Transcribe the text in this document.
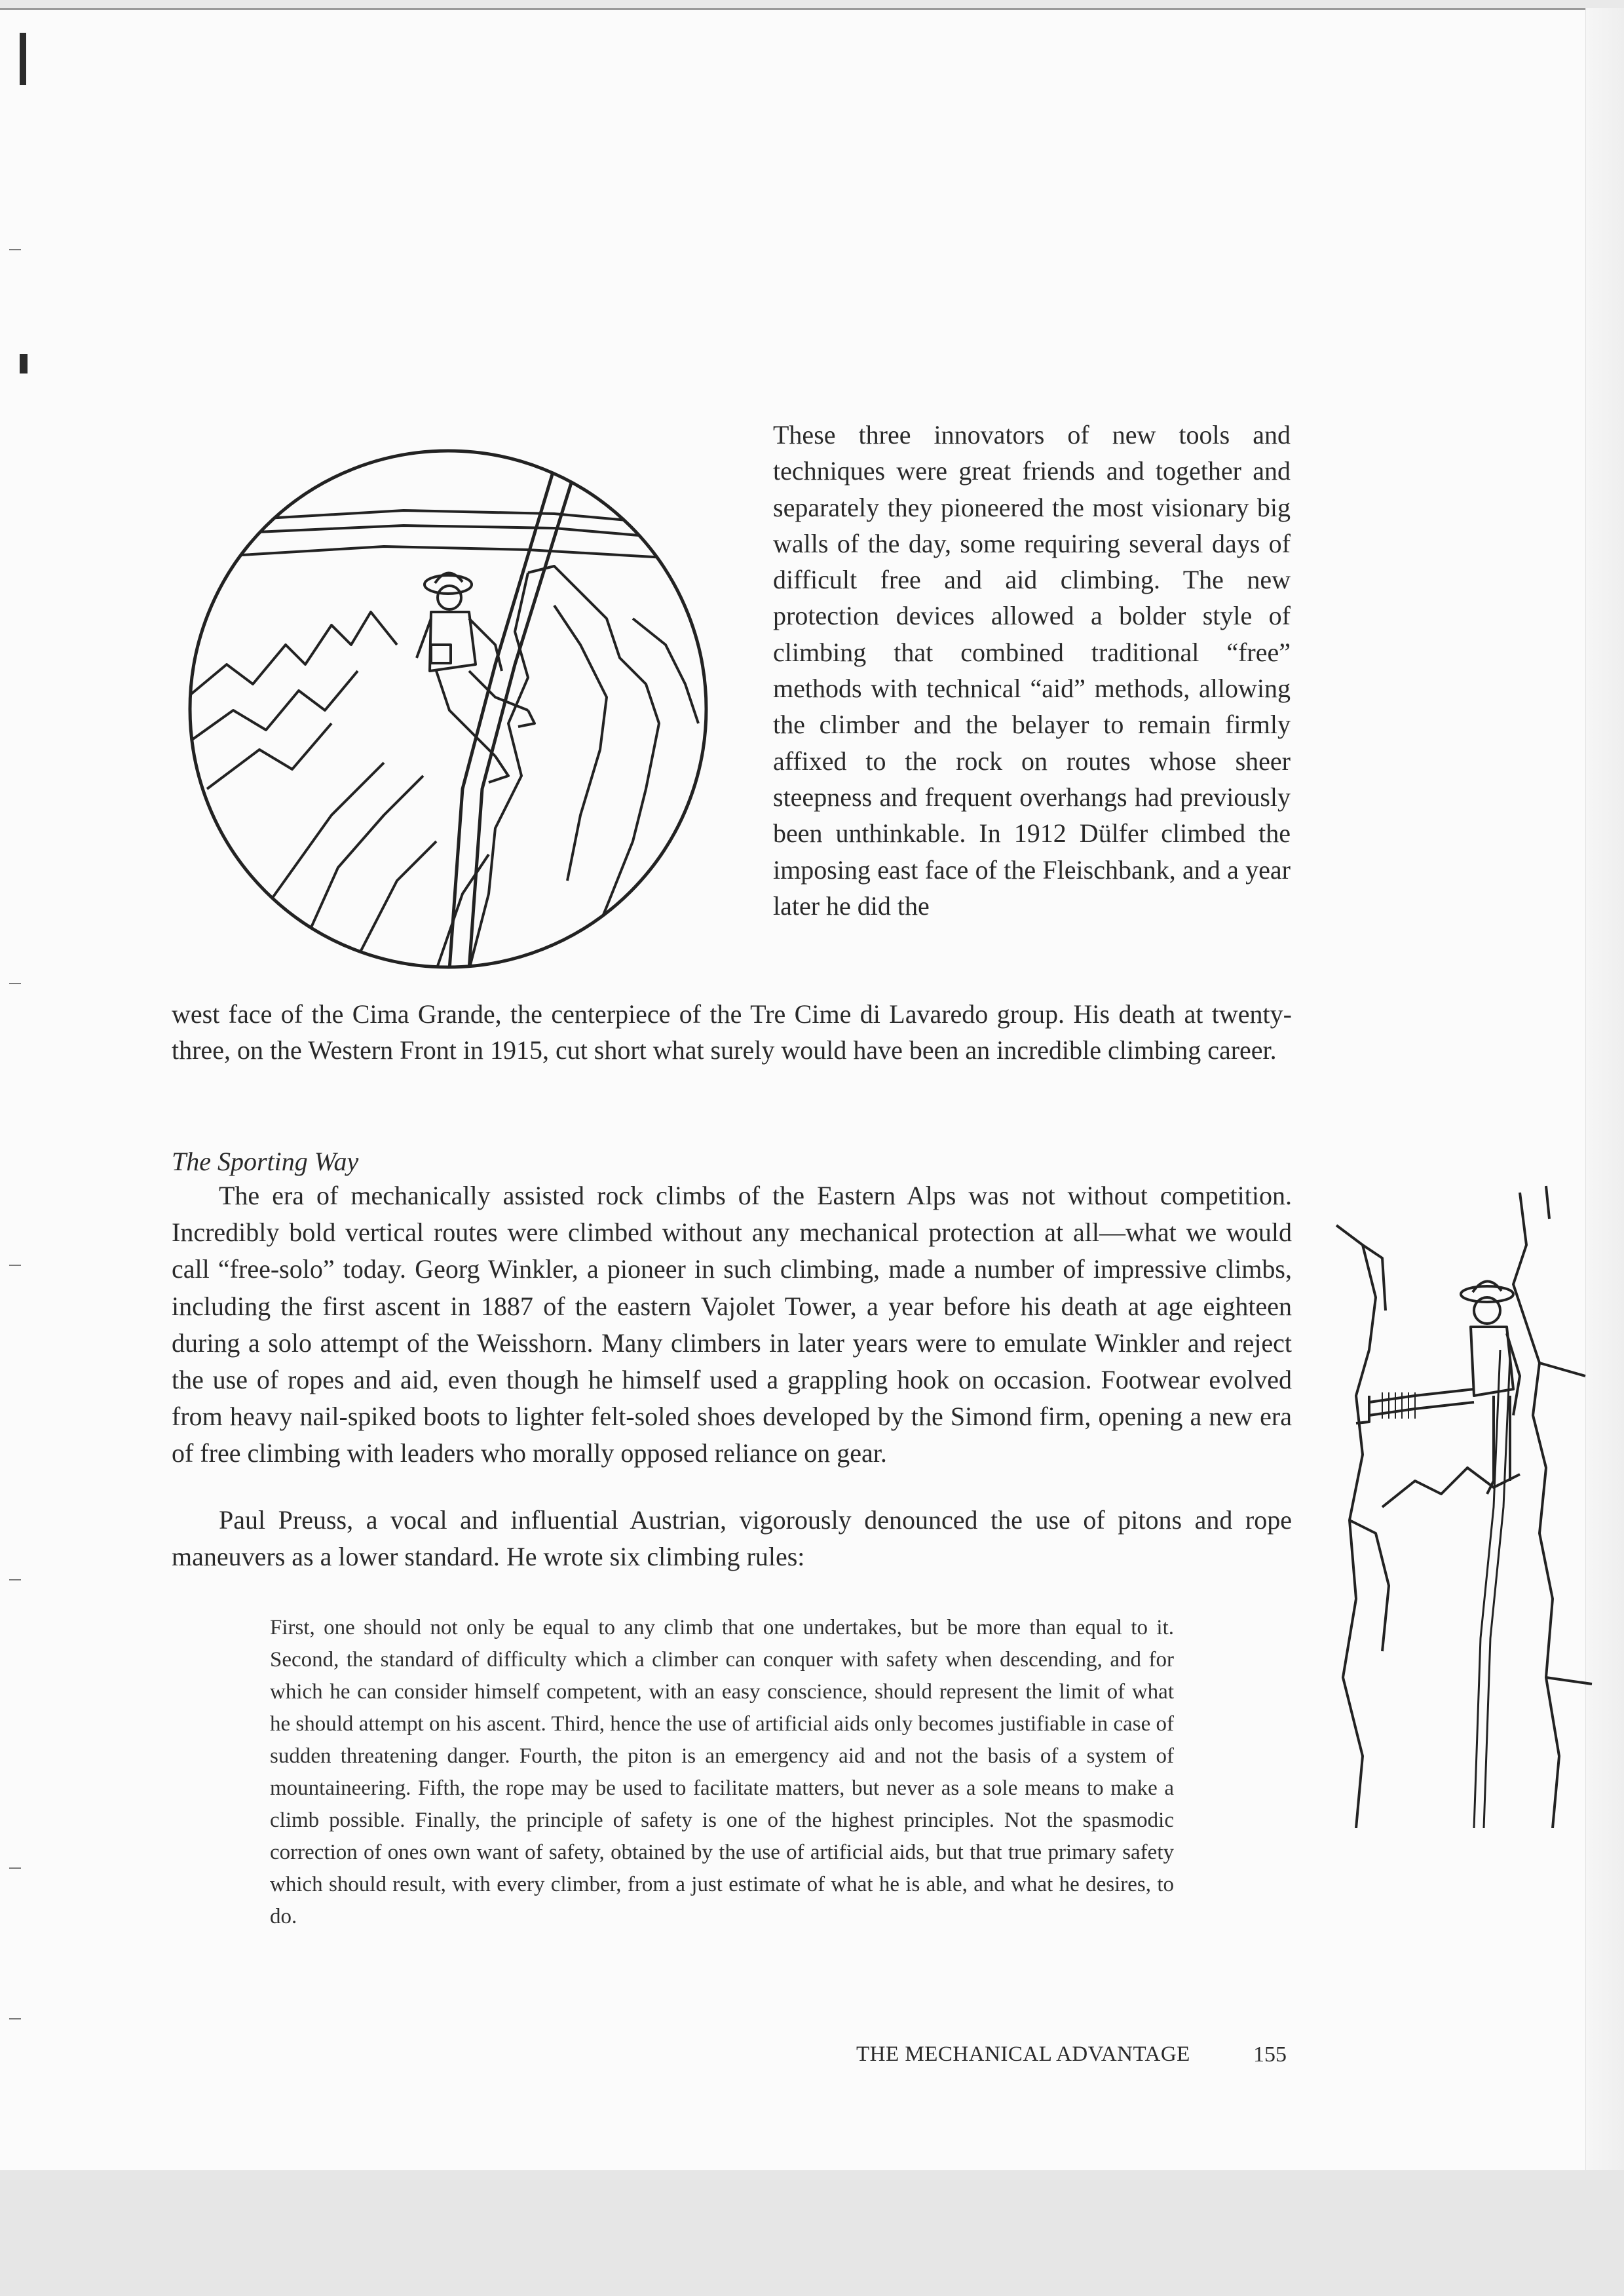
These three innovators of new tools and techniques were great friends and together and separately they pioneered the most visionary big walls of the day, some requiring several days of difficult free and aid climbing. The new protection devices allowed a bolder style of climbing that combined traditional “free” methods with technical “aid” methods, allowing the climber and the belayer to remain firmly affixed to the rock on routes whose sheer steepness and frequent overhangs had previously been unthinkable. In 1912 Dülfer climbed the imposing east face of the Fleischbank, and a year later he did the

west face of the Cima Grande, the centerpiece of the Tre Cime di Lavaredo group. His death at twenty-three, on the Western Front in 1915, cut short what surely would have been an incredible climbing career.

The Sporting Way

The era of mechanically assisted rock climbs of the Eastern Alps was not without competition. Incredibly bold vertical routes were climbed without any mechanical protection at all—what we would call “free-solo” today. Georg Winkler, a pioneer in such climbing, made a number of impressive climbs, including the first ascent in 1887 of the eastern Vajolet Tower, a year before his death at age eighteen during a solo attempt of the Weisshorn. Many climbers in later years were to emulate Winkler and reject the use of ropes and aid, even though he himself used a grappling hook on occasion. Footwear evolved from heavy nail-spiked boots to lighter felt-soled shoes developed by the Simond firm, opening a new era of free climbing with leaders who morally opposed reliance on gear.

Paul Preuss, a vocal and influential Austrian, vigorously denounced the use of pitons and rope maneuvers as a lower standard. He wrote six climbing rules:

First, one should not only be equal to any climb that one undertakes, but be more than equal to it. Second, the standard of difficulty which a climber can conquer with safety when descending, and for which he can consider himself competent, with an easy conscience, should represent the limit of what he should attempt on his ascent. Third, hence the use of artificial aids only becomes justifiable in case of sudden threatening danger. Fourth, the piton is an emergency aid and not the basis of a system of mountaineering. Fifth, the rope may be used to facilitate matters, but never as a sole means to make a climb possible. Finally, the principle of safety is one of the highest principles. Not the spasmodic correction of ones own want of safety, obtained by the use of artificial aids, but that true primary safety which should result, with every climber, from a just estimate of what he is able, and what he desires, to do.

THE MECHANICAL ADVANTAGE	155
